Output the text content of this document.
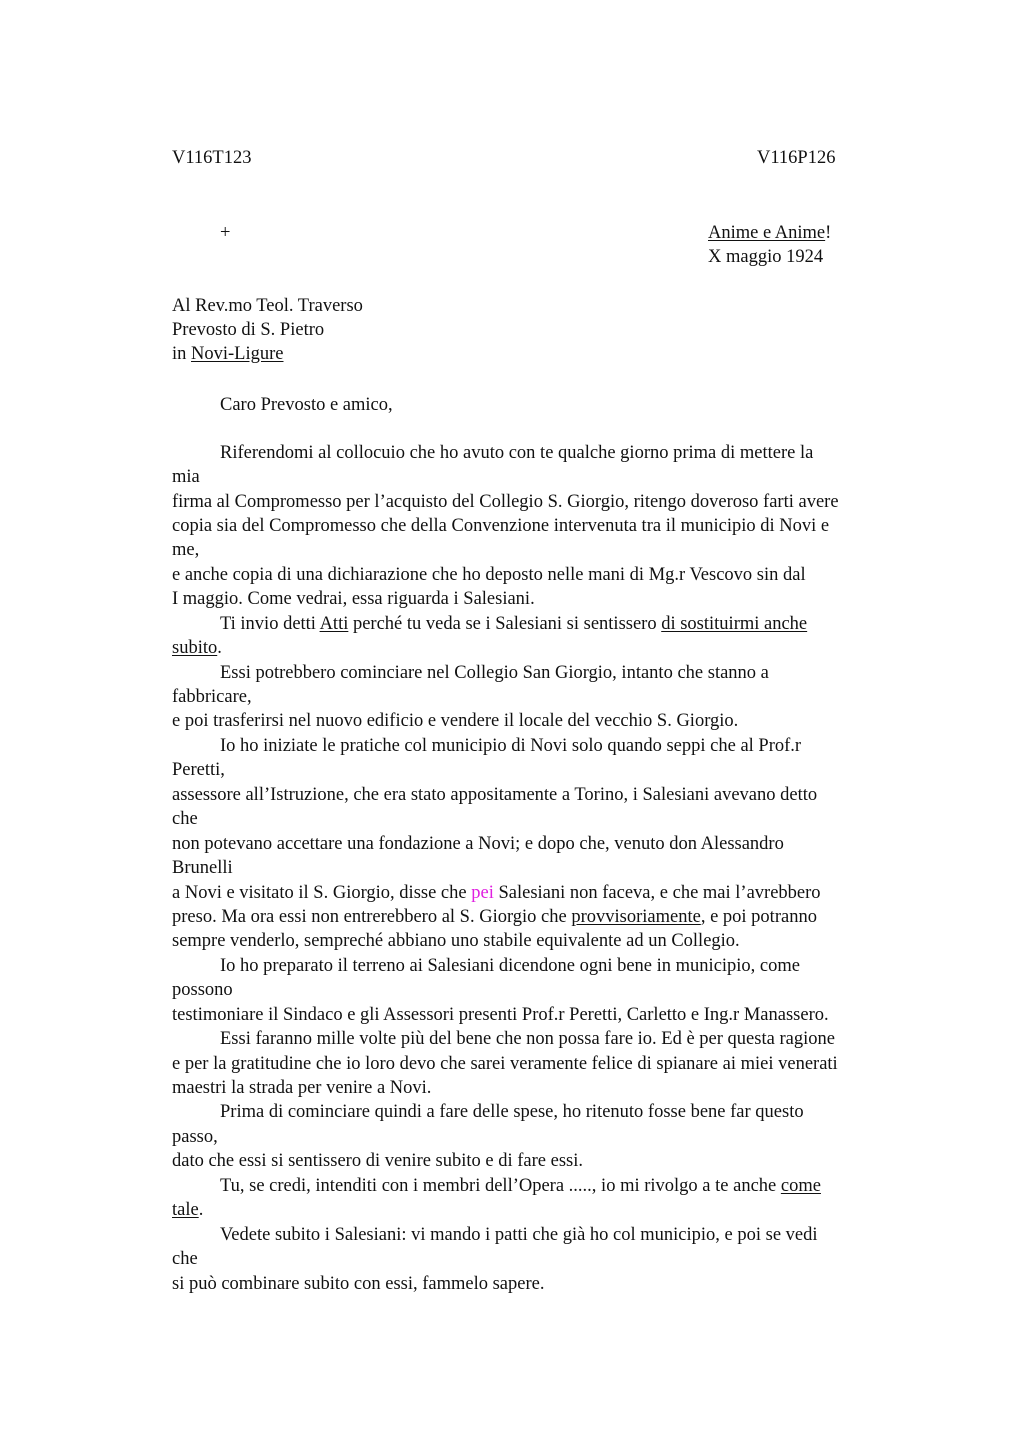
V116T123	V116P126
+	Anime e Anime!
X maggio 1924
Al Rev.mo Teol. Traverso
Prevosto di S. Pietro
in Novi-Ligure
Caro Prevosto e amico,
Riferendomi al collocuio che ho avuto con te qualche giorno prima di mettere la
mia
firma al Compromesso per l’acquisto del Collegio S. Giorgio, ritengo doveroso farti avere
copia sia del Compromesso che della Convenzione intervenuta tra il municipio di Novi e
me,
e anche copia di una dichiarazione che ho deposto nelle mani di Mg.r Vescovo sin dal
I maggio. Come vedrai, essa riguarda i Salesiani.
Ti invio detti Atti perché tu veda se i Salesiani si sentissero di sostituirmi anche
subito.
Essi potrebbero cominciare nel Collegio San Giorgio, intanto che stanno a
fabbricare,
e poi trasferirsi nel nuovo edificio e vendere il locale del vecchio S. Giorgio.
Io ho iniziate le pratiche col municipio di Novi solo quando seppi che al Prof.r
Peretti,
assessore all’Istruzione, che era stato appositamente a Torino, i Salesiani avevano detto
che
non potevano accettare una fondazione a Novi; e dopo che, venuto don Alessandro
Brunelli
a Novi e visitato il S. Giorgio, disse che pei Salesiani non faceva, e che mai l’avrebbero
preso. Ma ora essi non entrerebbero al S. Giorgio che provvisoriamente, e poi potranno
sempre venderlo, sempreché abbiano uno stabile equivalente ad un Collegio.
Io ho preparato il terreno ai Salesiani dicendone ogni bene in municipio, come
possono
testimoniare il Sindaco e gli Assessori presenti Prof.r Peretti, Carletto e Ing.r Manassero.
Essi faranno mille volte più del bene che non possa fare io. Ed è per questa ragione
e per la gratitudine che io loro devo che sarei veramente felice di spianare ai miei venerati
maestri la strada per venire a Novi.
Prima di cominciare quindi a fare delle spese, ho ritenuto fosse bene far questo
passo,
dato che essi si sentissero di venire subito e di fare essi.
Tu, se credi, intenditi con i membri dell’Opera ....., io mi rivolgo a te anche come
tale.
Vedete subito i Salesiani: vi mando i patti che già ho col municipio, e poi se vedi
che
si può combinare subito con essi, fammelo sapere.
